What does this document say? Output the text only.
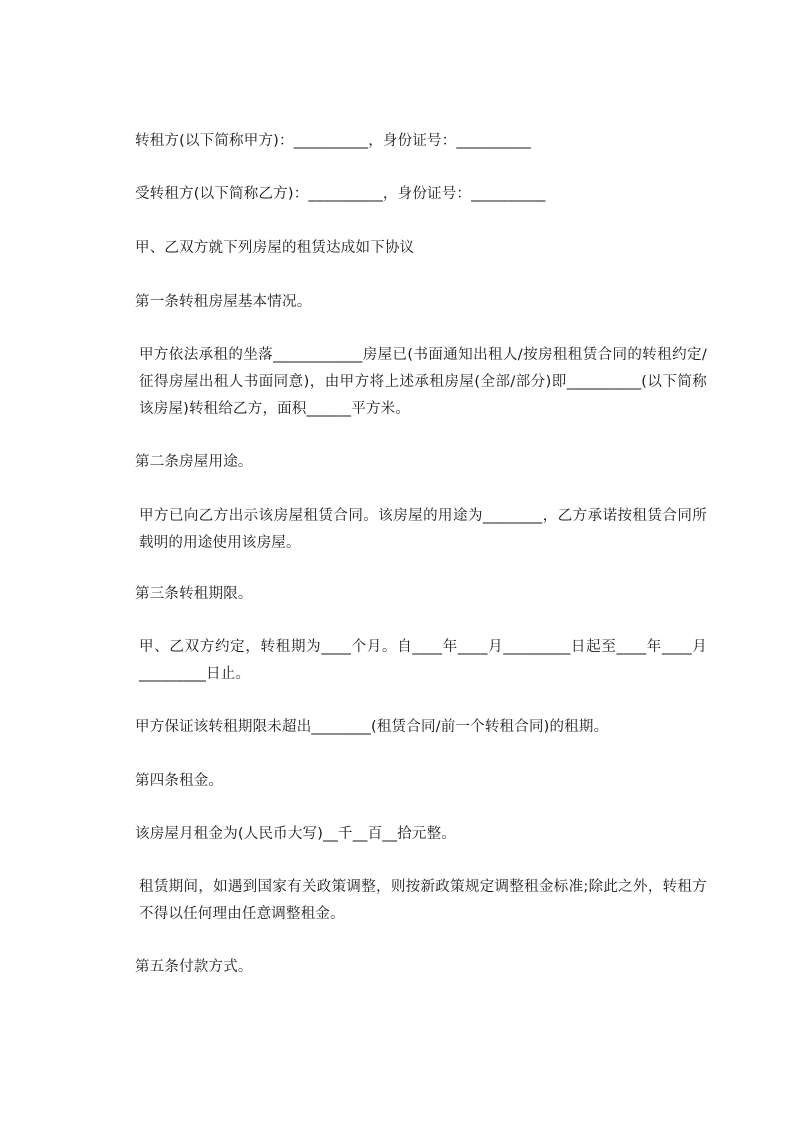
转租方(以下简称甲方)：__________，身份证号：__________
受转租方(以下简称乙方)：__________，身份证号：__________
甲、乙双方就下列房屋的租赁达成如下协议
第一条转租房屋基本情况。
甲方依法承租的坐落____________房屋已(书面通知出租人/按房租租赁合同的转租约定/征得房屋出租人书面同意)，由甲方将上述承租房屋(全部/部分)即__________(以下简称该房屋)转租给乙方，面积______平方米。
第二条房屋用途。
甲方已向乙方出示该房屋租赁合同。该房屋的用途为________，乙方承诺按租赁合同所载明的用途使用该房屋。
第三条转租期限。
甲、乙双方约定，转租期为____个月。自____年____月_________日起至____年____月_________日止。
甲方保证该转租期限未超出________(租赁合同/前一个转租合同)的租期。
第四条租金。
该房屋月租金为(人民币大写)__千__百__拾元整。
租赁期间，如遇到国家有关政策调整，则按新政策规定调整租金标准;除此之外，转租方不得以任何理由任意调整租金。
第五条付款方式。
